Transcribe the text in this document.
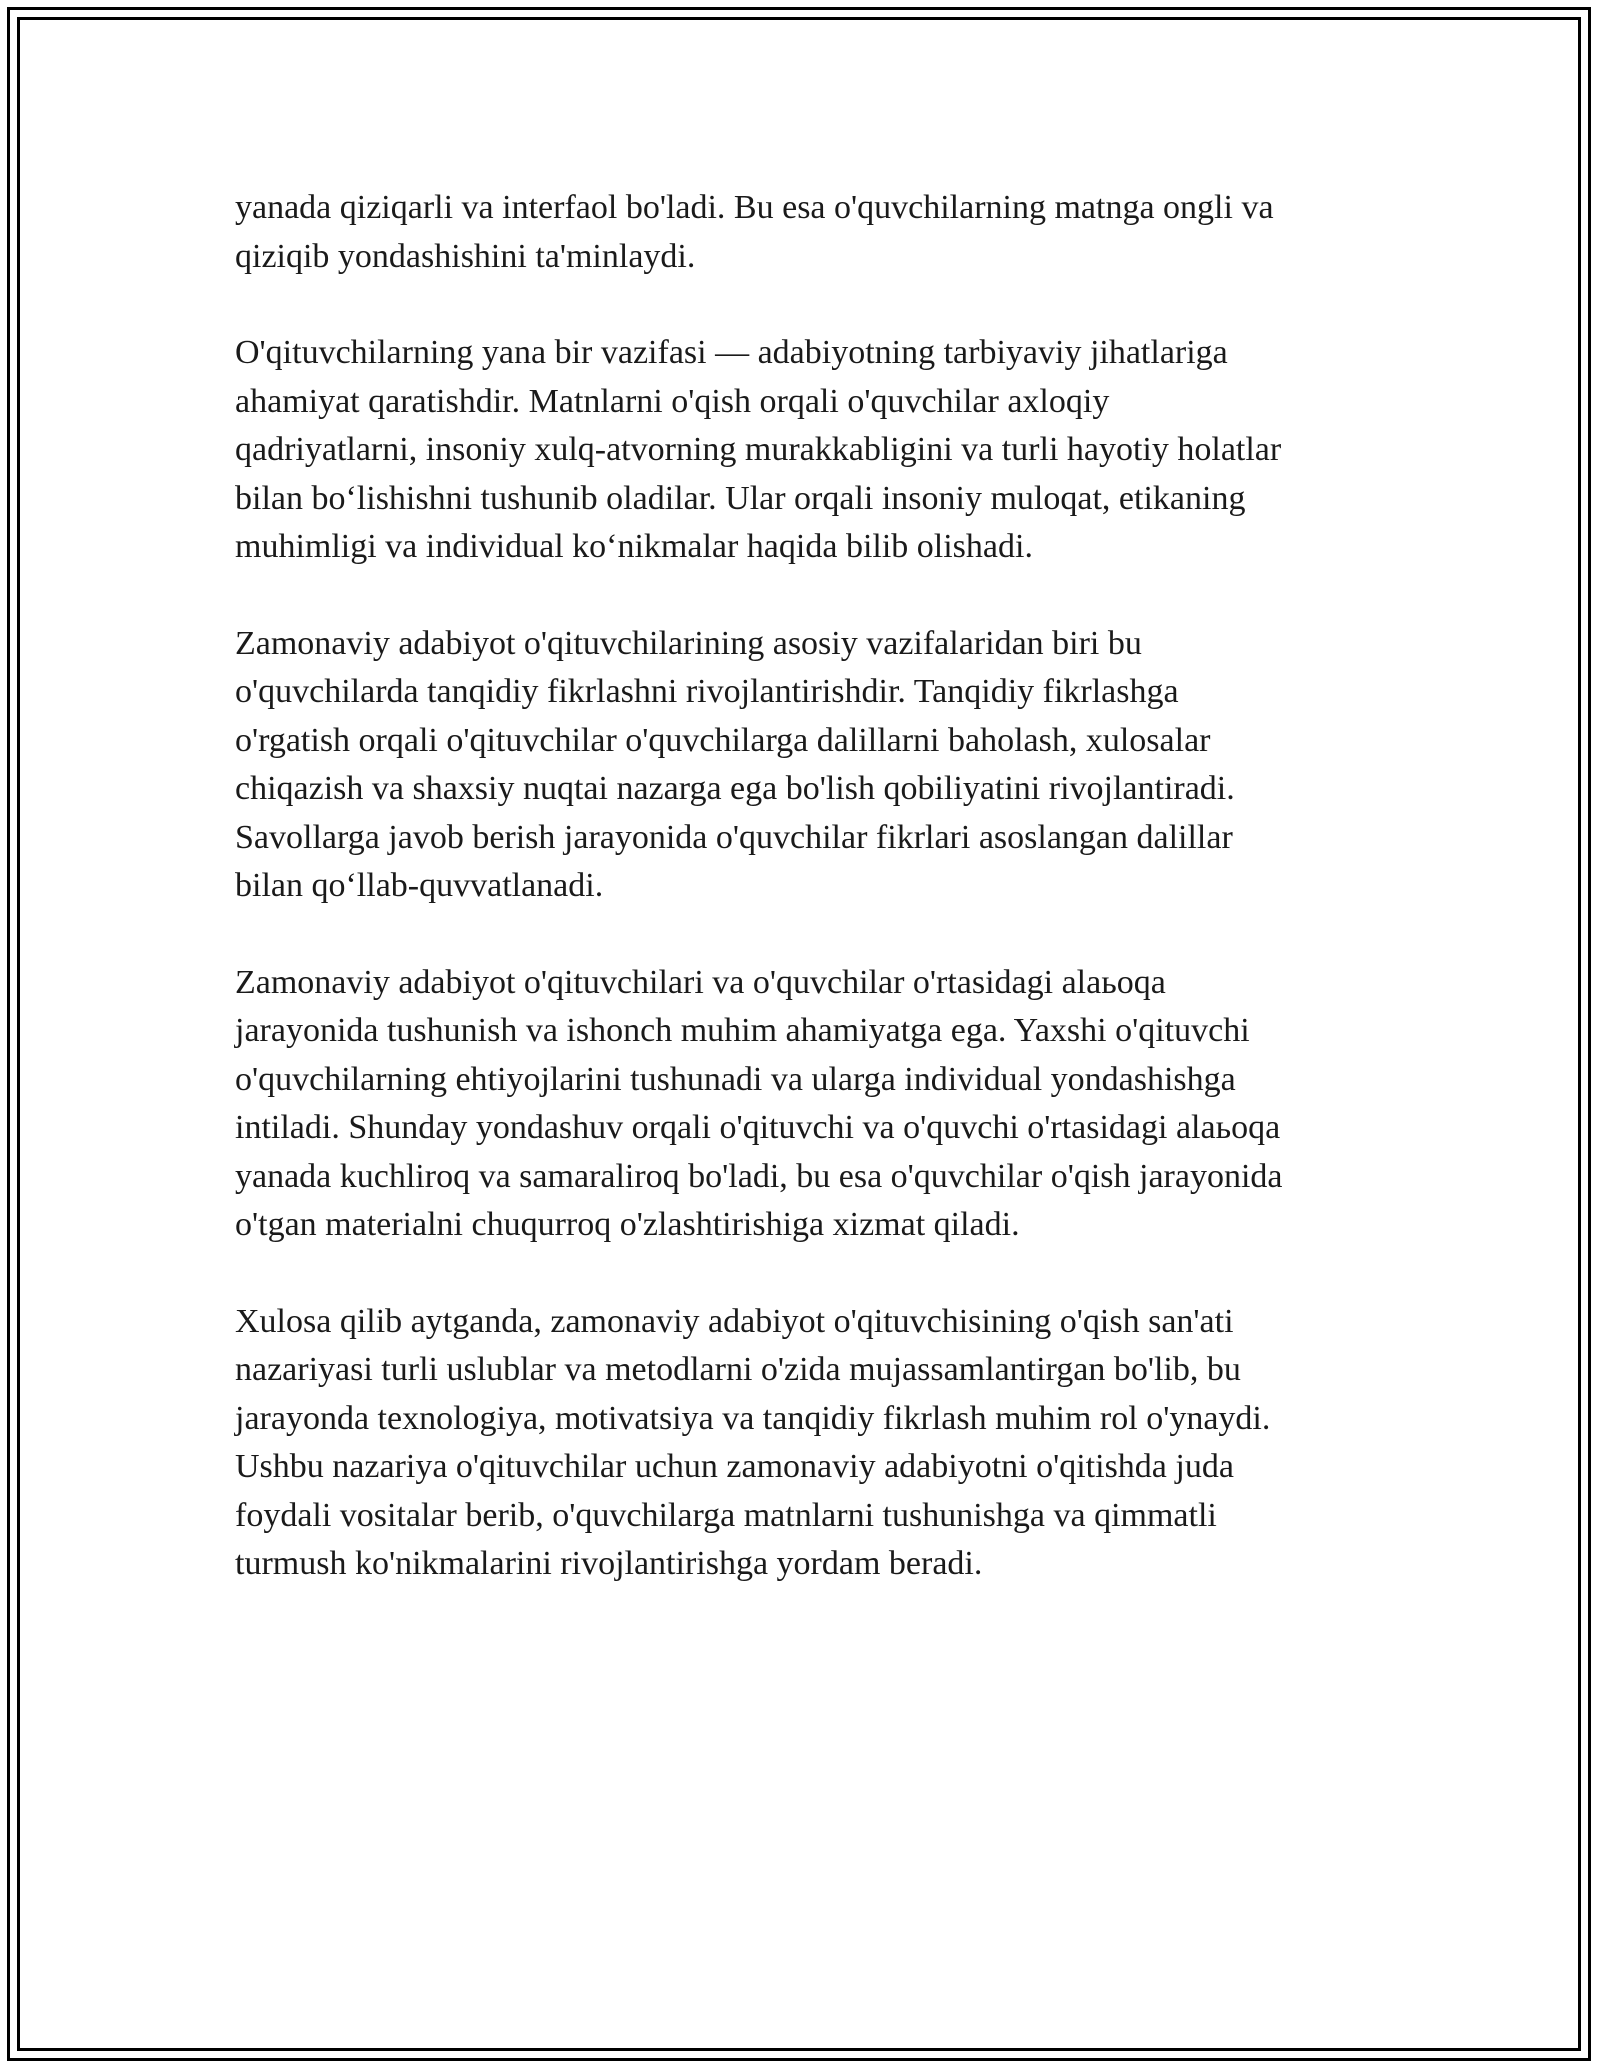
yanada qiziqarli va interfaol bo'ladi. Bu esa o'quvchilarning matnga ongli va
qiziqib yondashishini ta'minlaydi.

O'qituvchilarning yana bir vazifasi — adabiyotning tarbiyaviy jihatlariga
ahamiyat qaratishdir. Matnlarni o'qish orqali o'quvchilar axloqiy
qadriyatlarni, insoniy xulq-atvorning murakkabligini va turli hayotiy holatlar
bilan bo‘lishishni tushunib oladilar. Ular orqali insoniy muloqat, etikaning
muhimligi va individual ko‘nikmalar haqida bilib olishadi.

Zamonaviy adabiyot o'qituvchilarining asosiy vazifalaridan biri bu
o'quvchilarda tanqidiy fikrlashni rivojlantirishdir. Tanqidiy fikrlashga
o'rgatish orqali o'qituvchilar o'quvchilarga dalillarni baholash, xulosalar
chiqazish va shaxsiy nuqtai nazarga ega bo'lish qobiliyatini rivojlantiradi.
Savollarga javob berish jarayonida o'quvchilar fikrlari asoslangan dalillar
bilan qo‘llab-quvvatlanadi.

Zamonaviy adabiyot o'qituvchilari va o'quvchilar o'rtasidagi alaьoqa
jarayonida tushunish va ishonch muhim ahamiyatga ega. Yaxshi o'qituvchi
o'quvchilarning ehtiyojlarini tushunadi va ularga individual yondashishga
intiladi. Shunday yondashuv orqali o'qituvchi va o'quvchi o'rtasidagi alaьoqa
yanada kuchliroq va samaraliroq bo'ladi, bu esa o'quvchilar o'qish jarayonida
o'tgan materialni chuqurroq o'zlashtirishiga xizmat qiladi.

Xulosa qilib aytganda, zamonaviy adabiyot o'qituvchisining o'qish san'ati
nazariyasi turli uslublar va metodlarni o'zida mujassamlantirgan bo'lib, bu
jarayonda texnologiya, motivatsiya va tanqidiy fikrlash muhim rol o'ynaydi.
Ushbu nazariya o'qituvchilar uchun zamonaviy adabiyotni o'qitishda juda
foydali vositalar berib, o'quvchilarga matnlarni tushunishga va qimmatli
turmush ko'nikmalarini rivojlantirishga yordam beradi.
